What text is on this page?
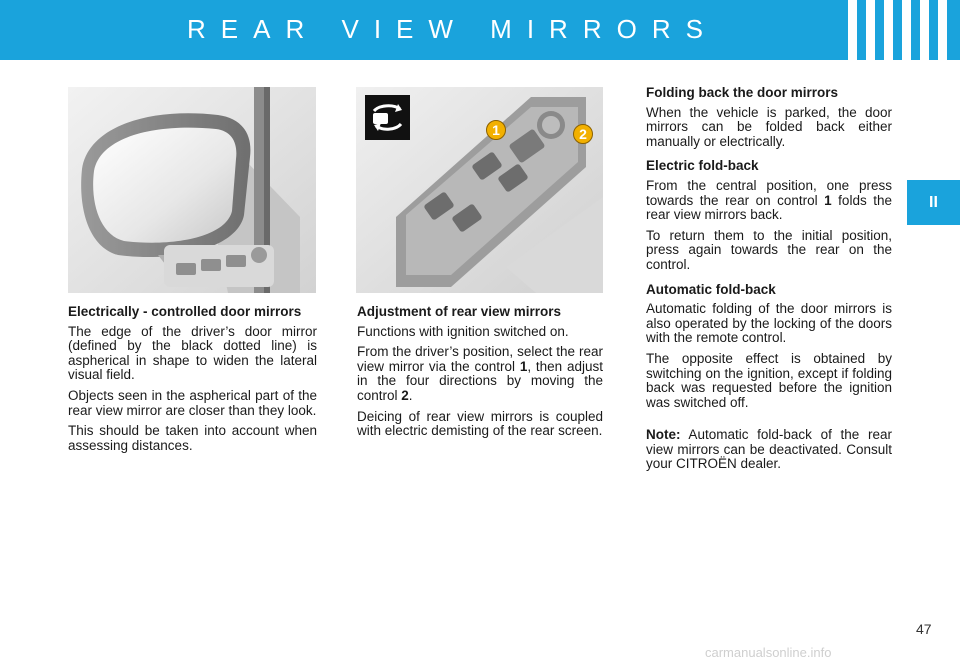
REAR VIEW MIRRORS
II
1	2
Electrically - controlled door mirrors
The edge of the driver’s door mirror (defined by the black dotted line) is aspherical in shape to widen the lateral visual field.
Objects seen in the aspherical part of the rear view mirror are closer than they look.
This should be taken into account when assessing distances.
Adjustment of rear view mirrors
Functions with ignition switched on.
From the driver’s position, select the rear view mirror via the control 1, then adjust in the four directions by moving the control 2.
Deicing of rear view mirrors is coupled with electric demisting of the rear screen.
Folding back the door mirrors
When the vehicle is parked, the door mirrors can be folded back either manually or electrically.
Electric fold-back
From the central position, one press towards the rear on control 1 folds the rear view mirrors back.
To return them to the initial position, press again towards the rear on the control.
Automatic fold-back
Automatic folding of the door mirrors is also operated by the locking of the doors with the remote control.
The opposite effect is obtained by switching on the ignition, except if folding back was requested before the ignition was switched off.
Note: Automatic fold-back of the rear view mirrors can be deactivated. Consult your CITROËN dealer.
47
carmanualsonline.info
